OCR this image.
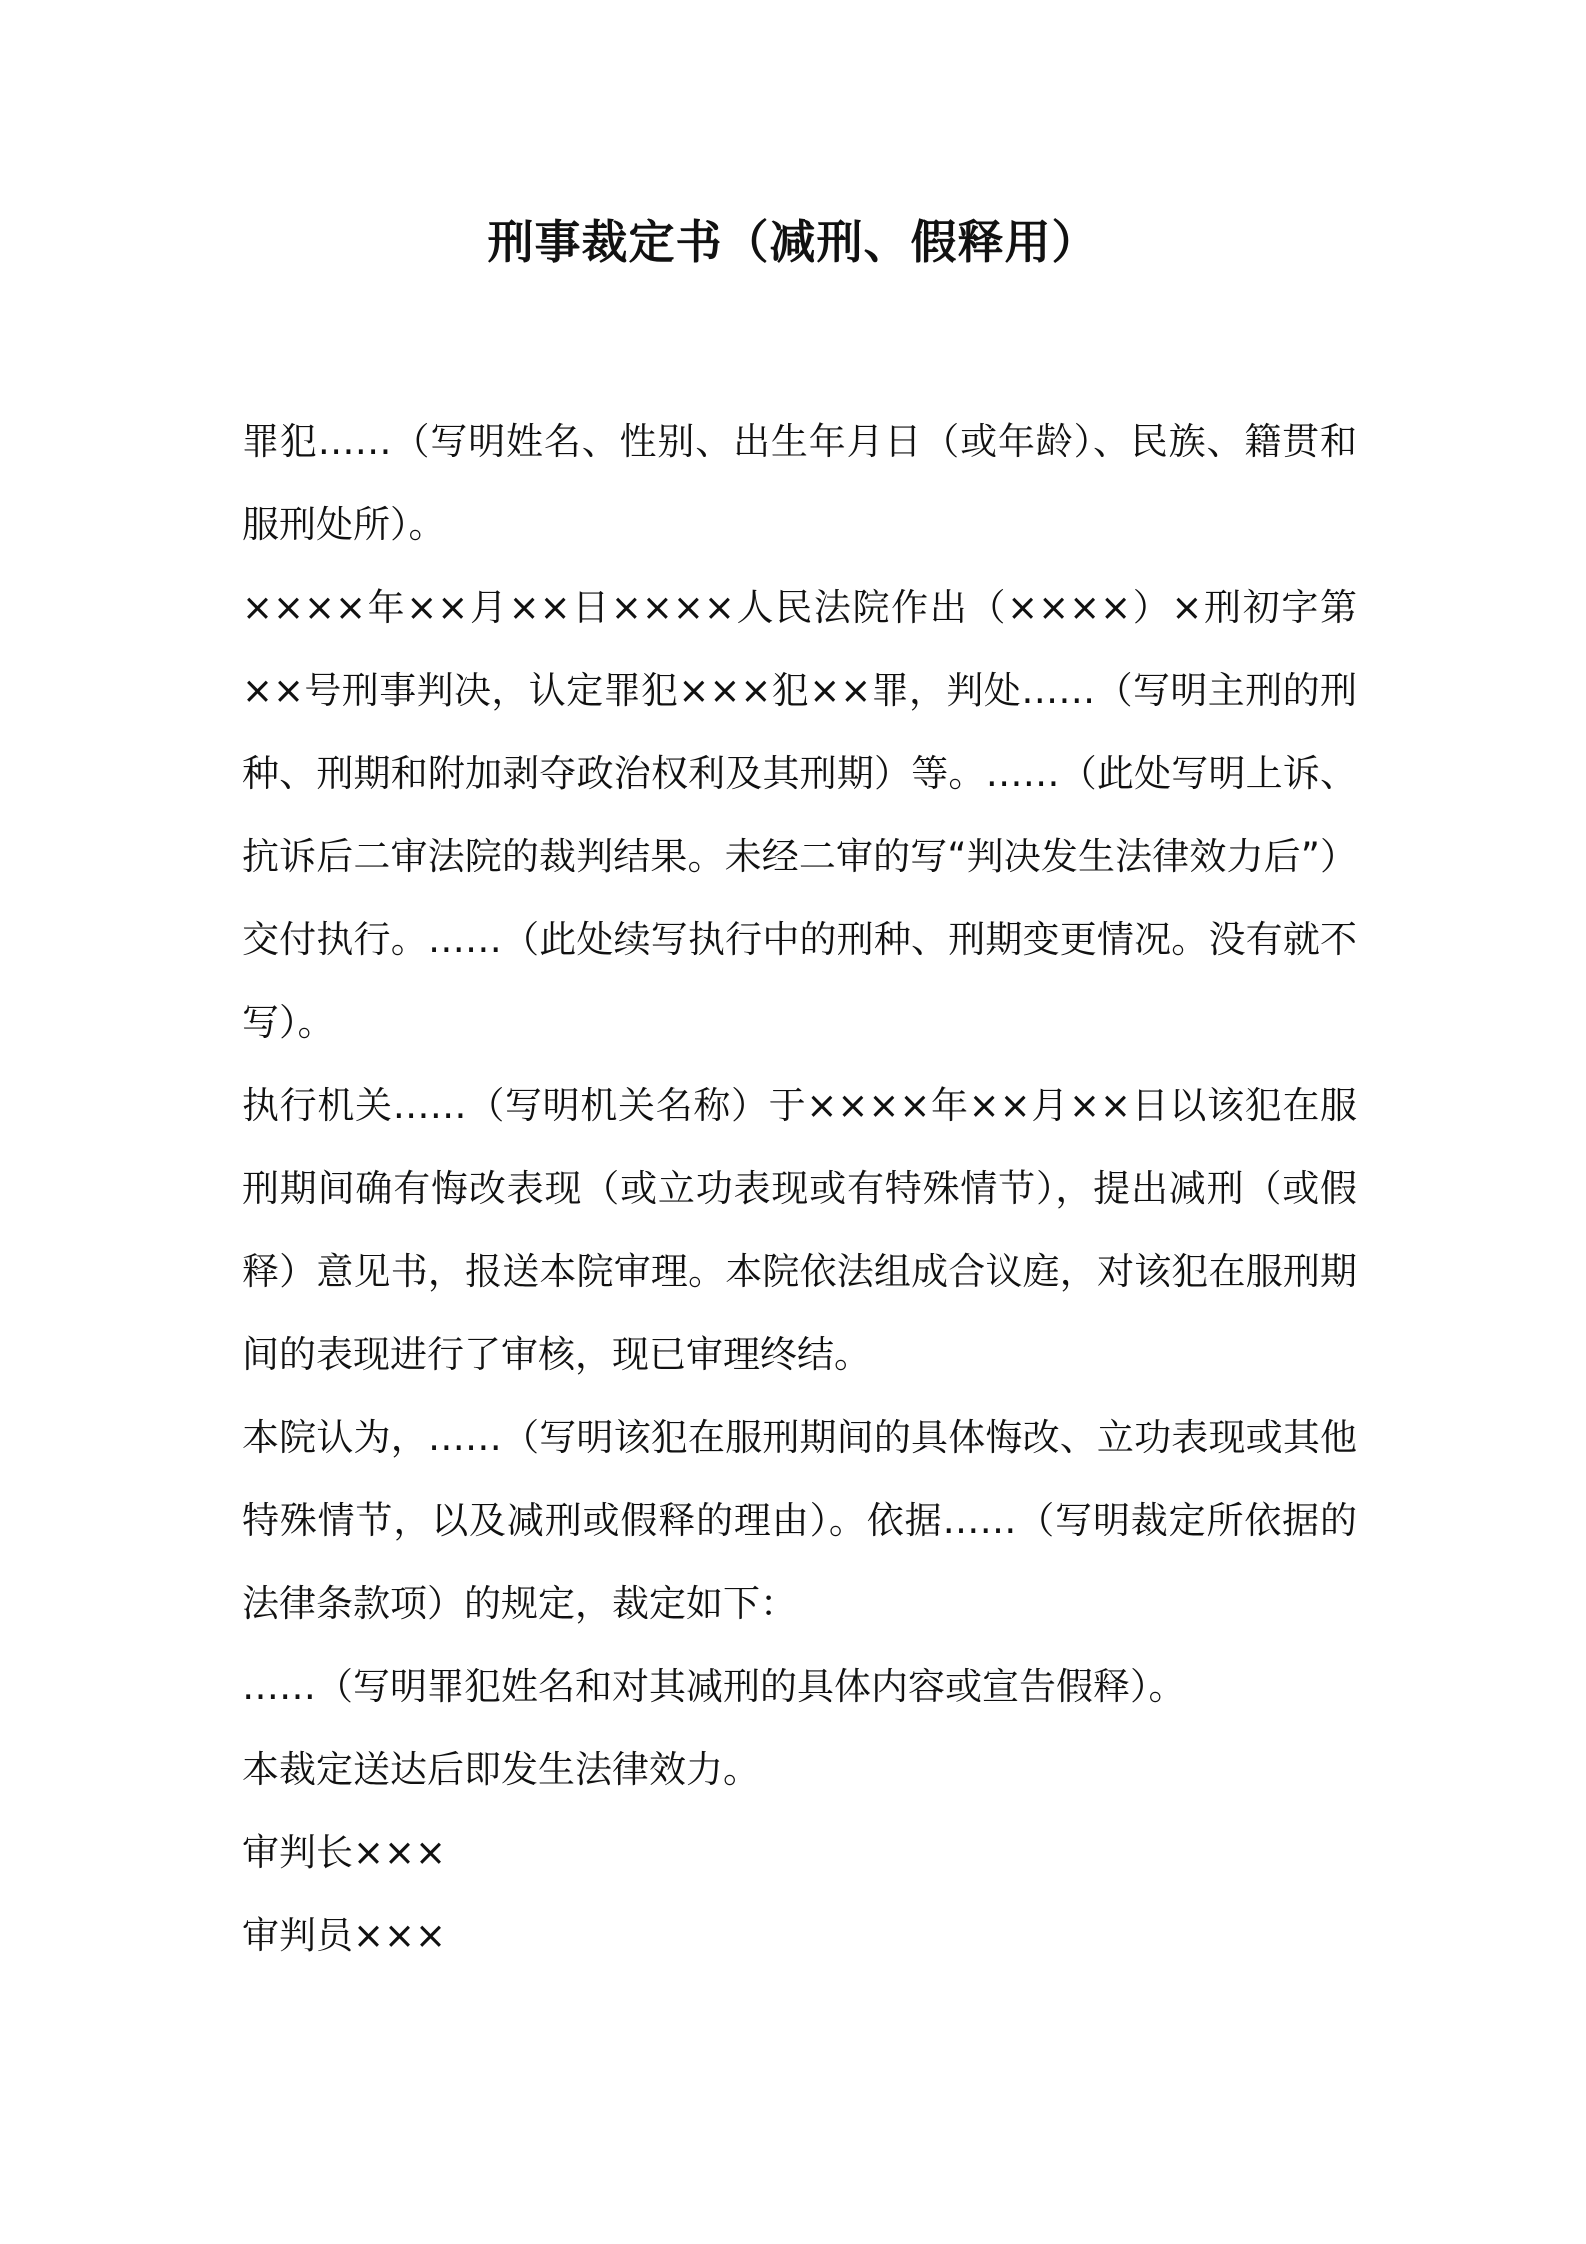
刑事裁定书（减刑、假释用）

罪犯……（写明姓名、性别、出生年月日（或年龄）、民族、籍贯和服刑处所）。

××××年××月××日××××人民法院作出（××××）×刑初字第××号刑事判决，认定罪犯×××犯××罪，判处……（写明主刑的刑种、刑期和附加剥夺政治权利及其刑期）等。……（此处写明上诉、抗诉后二审法院的裁判结果。未经二审的写“判决发生法律效力后”）交付执行。……（此处续写执行中的刑种、刑期变更情况。没有就不写）。

执行机关……（写明机关名称）于××××年××月××日以该犯在服刑期间确有悔改表现（或立功表现或有特殊情节），提出减刑（或假释）意见书，报送本院审理。本院依法组成合议庭，对该犯在服刑期间的表现进行了审核，现已审理终结。

本院认为，……（写明该犯在服刑期间的具体悔改、立功表现或其他特殊情节，以及减刑或假释的理由）。依据……（写明裁定所依据的法律条款项）的规定，裁定如下：

……（写明罪犯姓名和对其减刑的具体内容或宣告假释）。

本裁定送达后即发生法律效力。

审判长×××

审判员×××
